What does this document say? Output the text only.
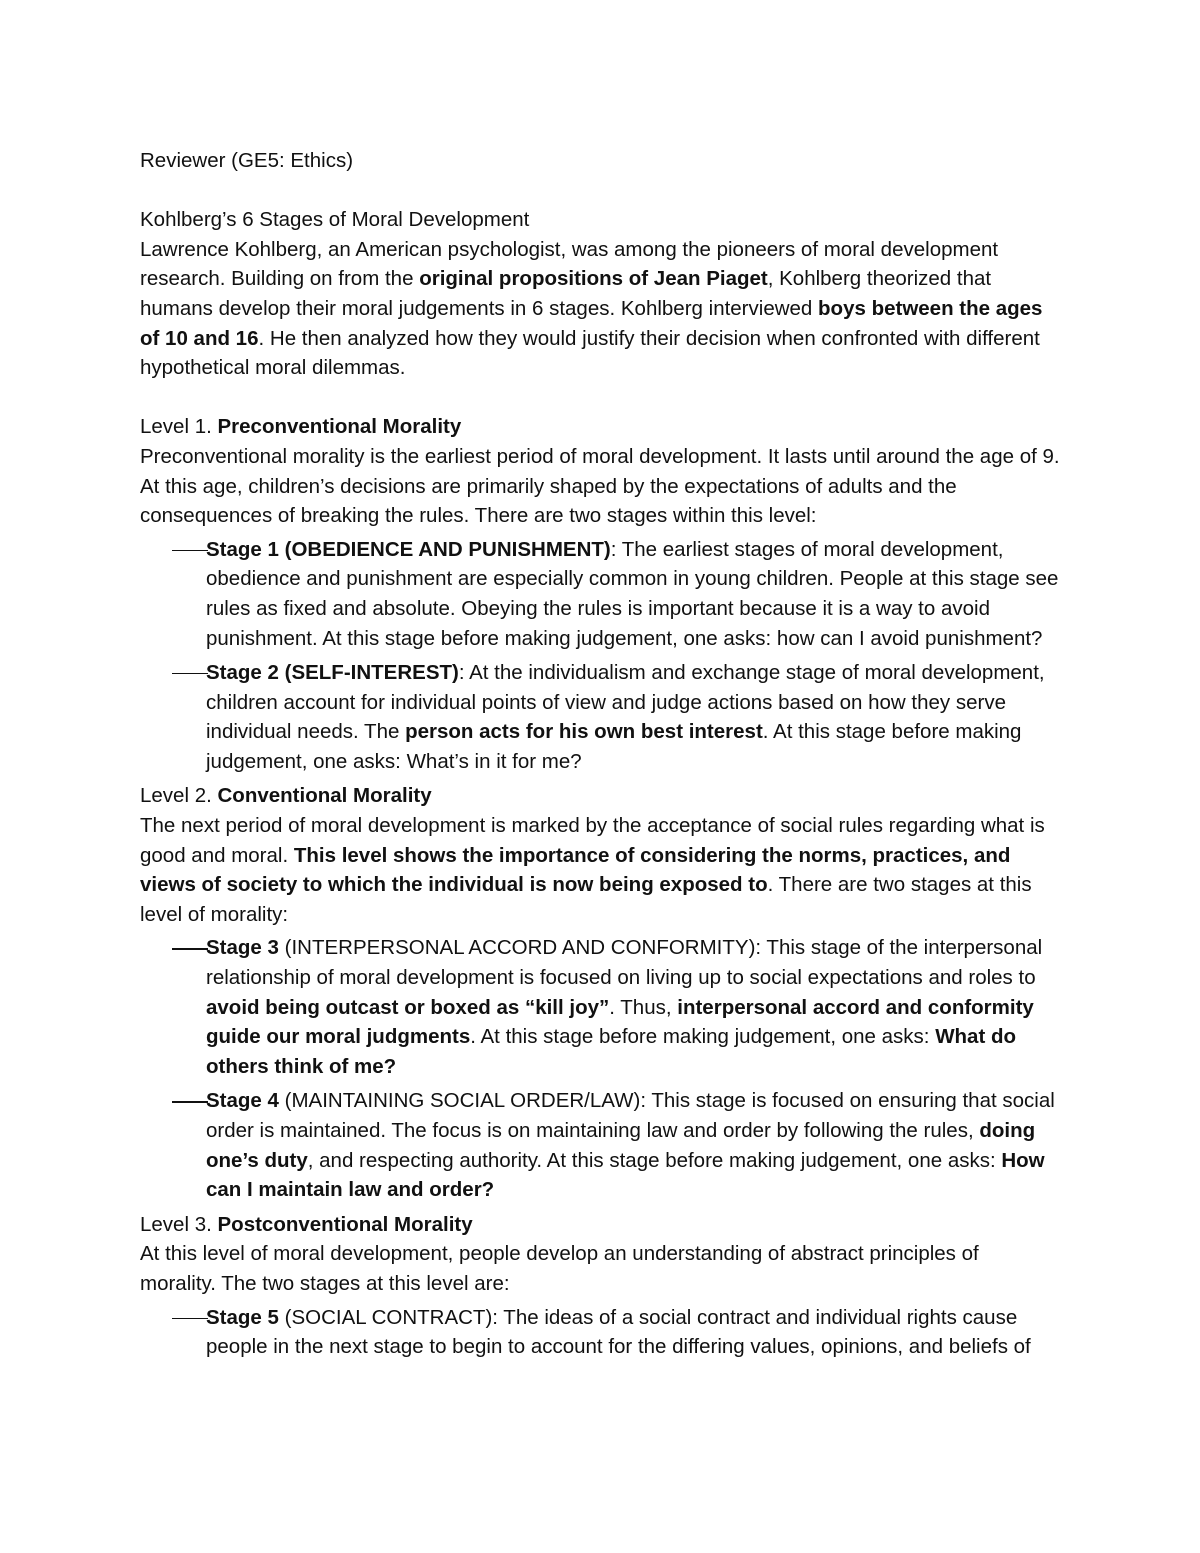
Reviewer (GE5: Ethics)

Kohlberg’s 6 Stages of Moral Development

Lawrence Kohlberg, an American psychologist, was among the pioneers of moral development research. Building on from the original propositions of Jean Piaget, Kohlberg theorized that humans develop their moral judgements in 6 stages. Kohlberg interviewed boys between the ages of 10 and 16. He then analyzed how they would justify their decision when confronted with different hypothetical moral dilemmas.

Level 1. Preconventional Morality

Preconventional morality is the earliest period of moral development. It lasts until around the age of 9. At this age, children’s decisions are primarily shaped by the expectations of adults and the consequences of breaking the rules. There are two stages within this level:

Stage 1 (OBEDIENCE AND PUNISHMENT): The earliest stages of moral development, obedience and punishment are especially common in young children. People at this stage see rules as fixed and absolute. Obeying the rules is important because it is a way to avoid punishment. At this stage before making judgement, one asks: how can I avoid punishment?

Stage 2 (SELF-INTEREST): At the individualism and exchange stage of moral development, children account for individual points of view and judge actions based on how they serve individual needs. The person acts for his own best interest. At this stage before making judgement, one asks: What’s in it for me?

Level 2. Conventional Morality

The next period of moral development is marked by the acceptance of social rules regarding what is good and moral. This level shows the importance of considering the norms, practices, and views of society to which the individual is now being exposed to. There are two stages at this level of morality:

Stage 3 (INTERPERSONAL ACCORD AND CONFORMITY): This stage of the interpersonal relationship of moral development is focused on living up to social expectations and roles to avoid being outcast or boxed as “kill joy”. Thus, interpersonal accord and conformity guide our moral judgments. At this stage before making judgement, one asks: What do others think of me?

Stage 4 (MAINTAINING SOCIAL ORDER/LAW): This stage is focused on ensuring that social order is maintained. The focus is on maintaining law and order by following the rules, doing one’s duty, and respecting authority. At this stage before making judgement, one asks: How can I maintain law and order?

Level 3. Postconventional Morality

At this level of moral development, people develop an understanding of abstract principles of morality. The two stages at this level are:

Stage 5 (SOCIAL CONTRACT): The ideas of a social contract and individual rights cause people in the next stage to begin to account for the differing values, opinions, and beliefs of
